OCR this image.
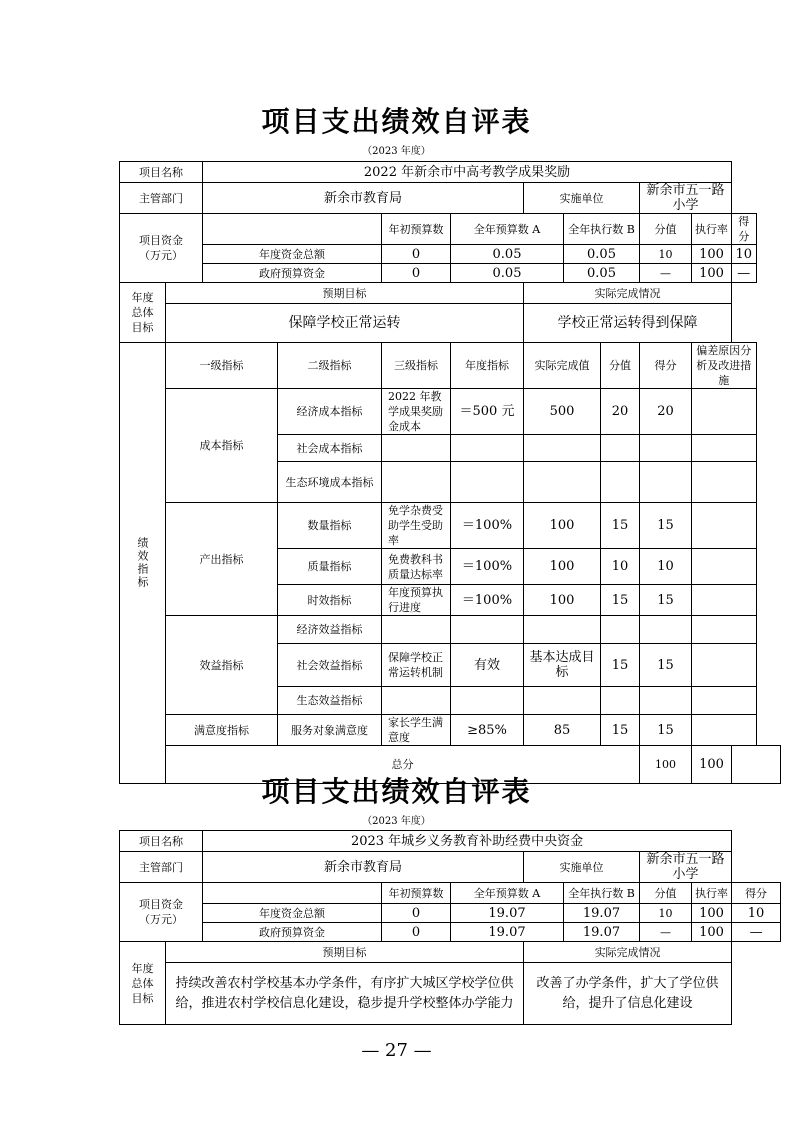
项目支出绩效自评表
（2023 年度）
项目名称		2022 年新余市中高考教学成果奖励									
主管部门		新余市教育局				实施单位			新余市五一路小学		
项目资金
（万元）				年初预算数	全年预算数 A		全年执行数 B		分值	执行率	得分
		年度资金总额		0	0.05		0.05		10	100	10
		政府预算资金		0	0.05		0.05		—	100	—
年度
总体
目标	预期目标					实际完成情况					
	保障学校正常运转					学校正常运转得到保障					
绩效指标	一级指标		二级指标	三级指标	年度指标	实际完成值		分值	得分	偏差原因分析及改进措施	
	成本指标		经济成本指标	2022 年教学成果奖励金成本	＝500 元	500		20	20		
			社会成本指标								
			生态环境成本指标								
	产出指标		数量指标	免学杂费受助学生受助率	＝100%	100		15	15		
			质量指标	免费教科书质量达标率	＝100%	100		10	10		
			时效指标	年度预算执行进度	＝100%	100		15	15		
	效益指标		经济效益指标								
			社会效益指标	保障学校正常运转机制	有效	基本达成目标		15	15		
			生态效益指标								
	满意度指标		服务对象满意度	家长学生满意度	≥85%	85		15	15		
	总分								100	100	
项目支出绩效自评表
（2023 年度）
项目名称		2023 年城乡义务教育补助经费中央资金							
主管部门		新余市教育局			实施单位		新余市五一路小学		
项目资金
（万元）			年初预算数	全年预算数 A		全年执行数 B	分值	执行率	得分
		年度资金总额	0	19.07		19.07	10	100	10
		政府预算资金	0	19.07		19.07	—	100	—
年度
总体
目标	预期目标				实际完成情况				
	持续改善农村学校基本办学条件，有序扩大城区学校学位供给，推进农村学校信息化建设，稳步提升学校整体办学能力				改善了办学条件，扩大了学位供给，提升了信息化建设				
— 27 —
